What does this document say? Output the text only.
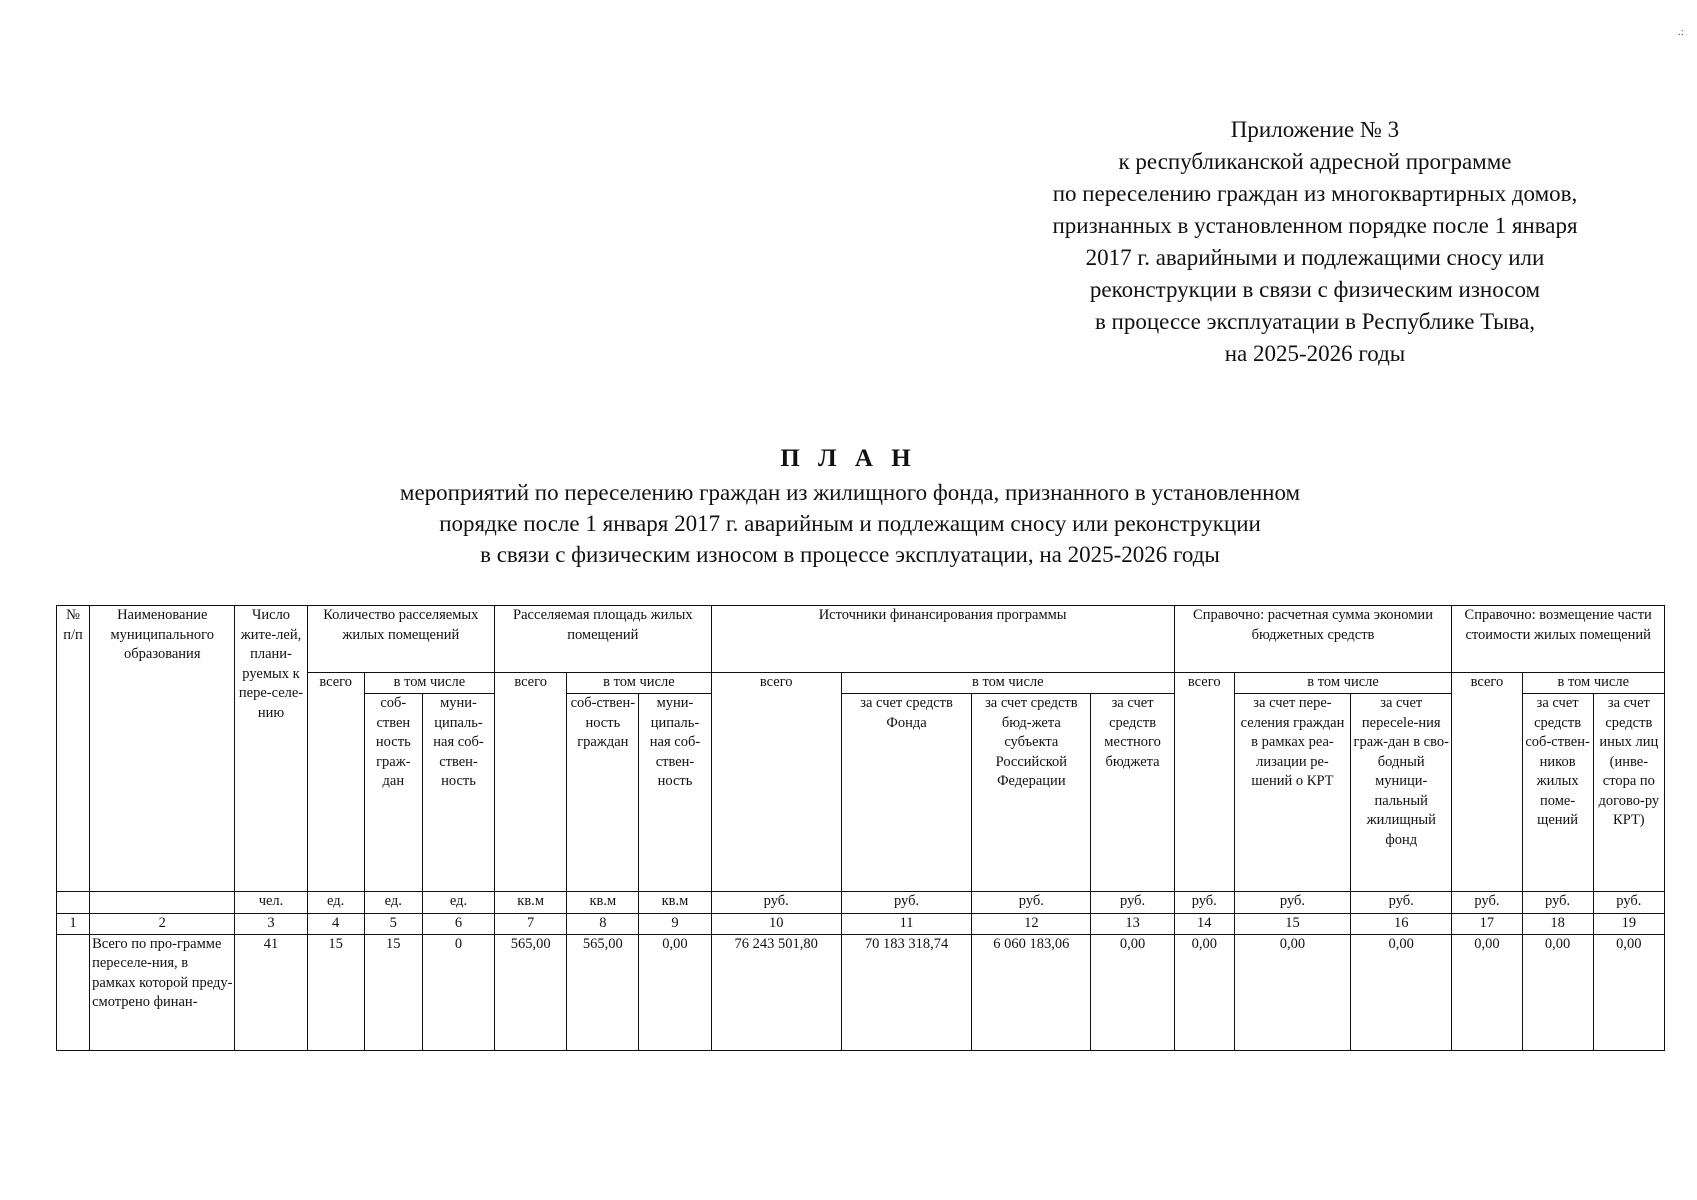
.:
Приложение № 3
к республиканской адресной программе
по переселению граждан из многоквартирных домов,
признанных в установленном порядке после 1 января
2017 г. аварийными и подлежащими сносу или
реконструкции в связи с физическим износом
в процессе эксплуатации в Республике Тыва,
на 2025-2026 годы
П Л А Н
мероприятий по переселению граждан из жилищного фонда, признанного в установленном
порядке после 1 января 2017 г. аварийным и подлежащим сносу или реконструкции
в связи с физическим износом в процессе эксплуатации, на 2025-2026 годы
№ п/п	Наименование муниципального образования	Число жите-лей, плани-руемых к пере-селе-нию	Количество расселяемых жилых помещений			Расселяемая площадь жилых помещений			Источники финансирования программы				Справочно: расчетная сумма экономии бюджетных средств			Справочно: возмещение части стоимости жилых помещений		
			всего	в том числе		всего	в том числе		всего	в том числе			всего	в том числе		всего	в том числе	
				соб-ствен ность граж-дан	муни-ципаль-ная соб-ствен-ность		соб-ствен-ность граждан	муни-ципаль-ная соб-ствен-ность		за счет средств Фонда	за счет средств бюд-жета субъекта Российской Федерации	за счет средств местного бюджета		за счет пере-селения граждан в рамках реа-лизации ре-шений о КРТ	за счет пересele-ния граж-дан в сво-бодный муници-пальный жилищный фонд		за счет средств соб-ствен-ников жилых поме-щений	за счет средств иных лиц (инве-стора по догово-ру КРТ)
		чел.	ед.	ед.	ед.	кв.м	кв.м	кв.м	руб.	руб.	руб.	руб.	руб.	руб.	руб.	руб.	руб.	руб.
1	2	3	4	5	6	7	8	9	10	11	12	13	14	15	16	17	18	19
	Всего по про-грамме переселе-ния, в рамках которой преду-смотрено финан-	41	15	15	0	565,00	565,00	0,00	76 243 501,80	70 183 318,74	6 060 183,06	0,00	0,00	0,00	0,00	0,00	0,00	0,00
